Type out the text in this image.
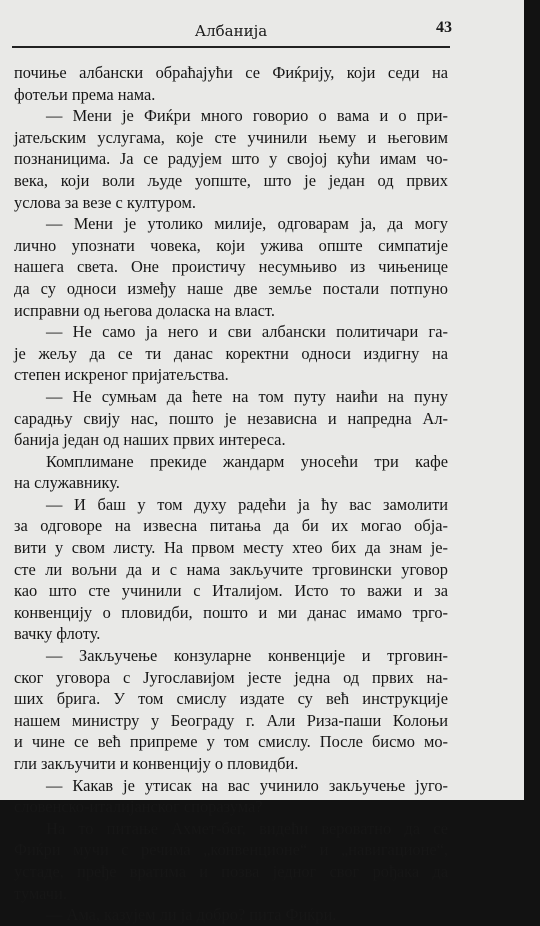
Албанија	43
почиње албански обраћајући се Фиќрију, који седи на
фотељи према нама.
— Мени је Фиќри много говорио о вама и о при-
јатељским услугама, које сте учинили њему и његовим
познаницима. Ја се радујем што у својој кући имам чо-
века, који воли људе уопште, што је један од првих
услова за везе с културом.
— Мени је утолико милије, одговарам ја, да могу
лично упознати човека, који ужива опште симпатије
нашега света. Оне проистичу несумњиво из чињенице
да су односи између наше две земље постали потпуно
исправни од његова доласка на власт.
— Не само ја него и сви албански политичари га-
је жељу да се ти данас коректни односи издигну на
степен искреног пријатељства.
— Не сумњам да ћете на том путу наићи на пуну
сарадњу свију нас, пошто је независна и напредна Ал-
банија један од наших првих интереса.
Комплимане прекиде жандарм уносећи три кафе
на служавнику.
— И баш у том духу радећи ја ћу вас замолити
за одговоре на извесна питања да би их могао обја-
вити у свом листу. На првом месту хтео бих да знам је-
сте ли вољни да и с нама закључите трговински уговор
као што сте учинили с Италијом. Исто то важи и за
конвенцију о пловидби, пошто и ми данас имамо трго-
вачку флоту.
— Закључење конзуларне конвенције и трговин-
ског уговора с Југославијом јесте једна од првих на-
ших брига. У том смислу издате су већ инструкције
нашем министру у Београду г. Али Риза-паши Колоњи
и чине се већ припреме у том смислу. После бисмо мо-
гли закључити и конвенцију о пловидби.
— Какав је утисак на вас учинило закључење југо-
словенско-италијанског споразума?
На то питање Ахмет-бег, видећи вероватно да се
Фиќри мучи с речима „конвенционе“ и „навигационе“,
устаде, пређе вратима и позва једног свог рођака да
тумачи.
— Ама, казујем ли ја добро? пита Фиќри.
